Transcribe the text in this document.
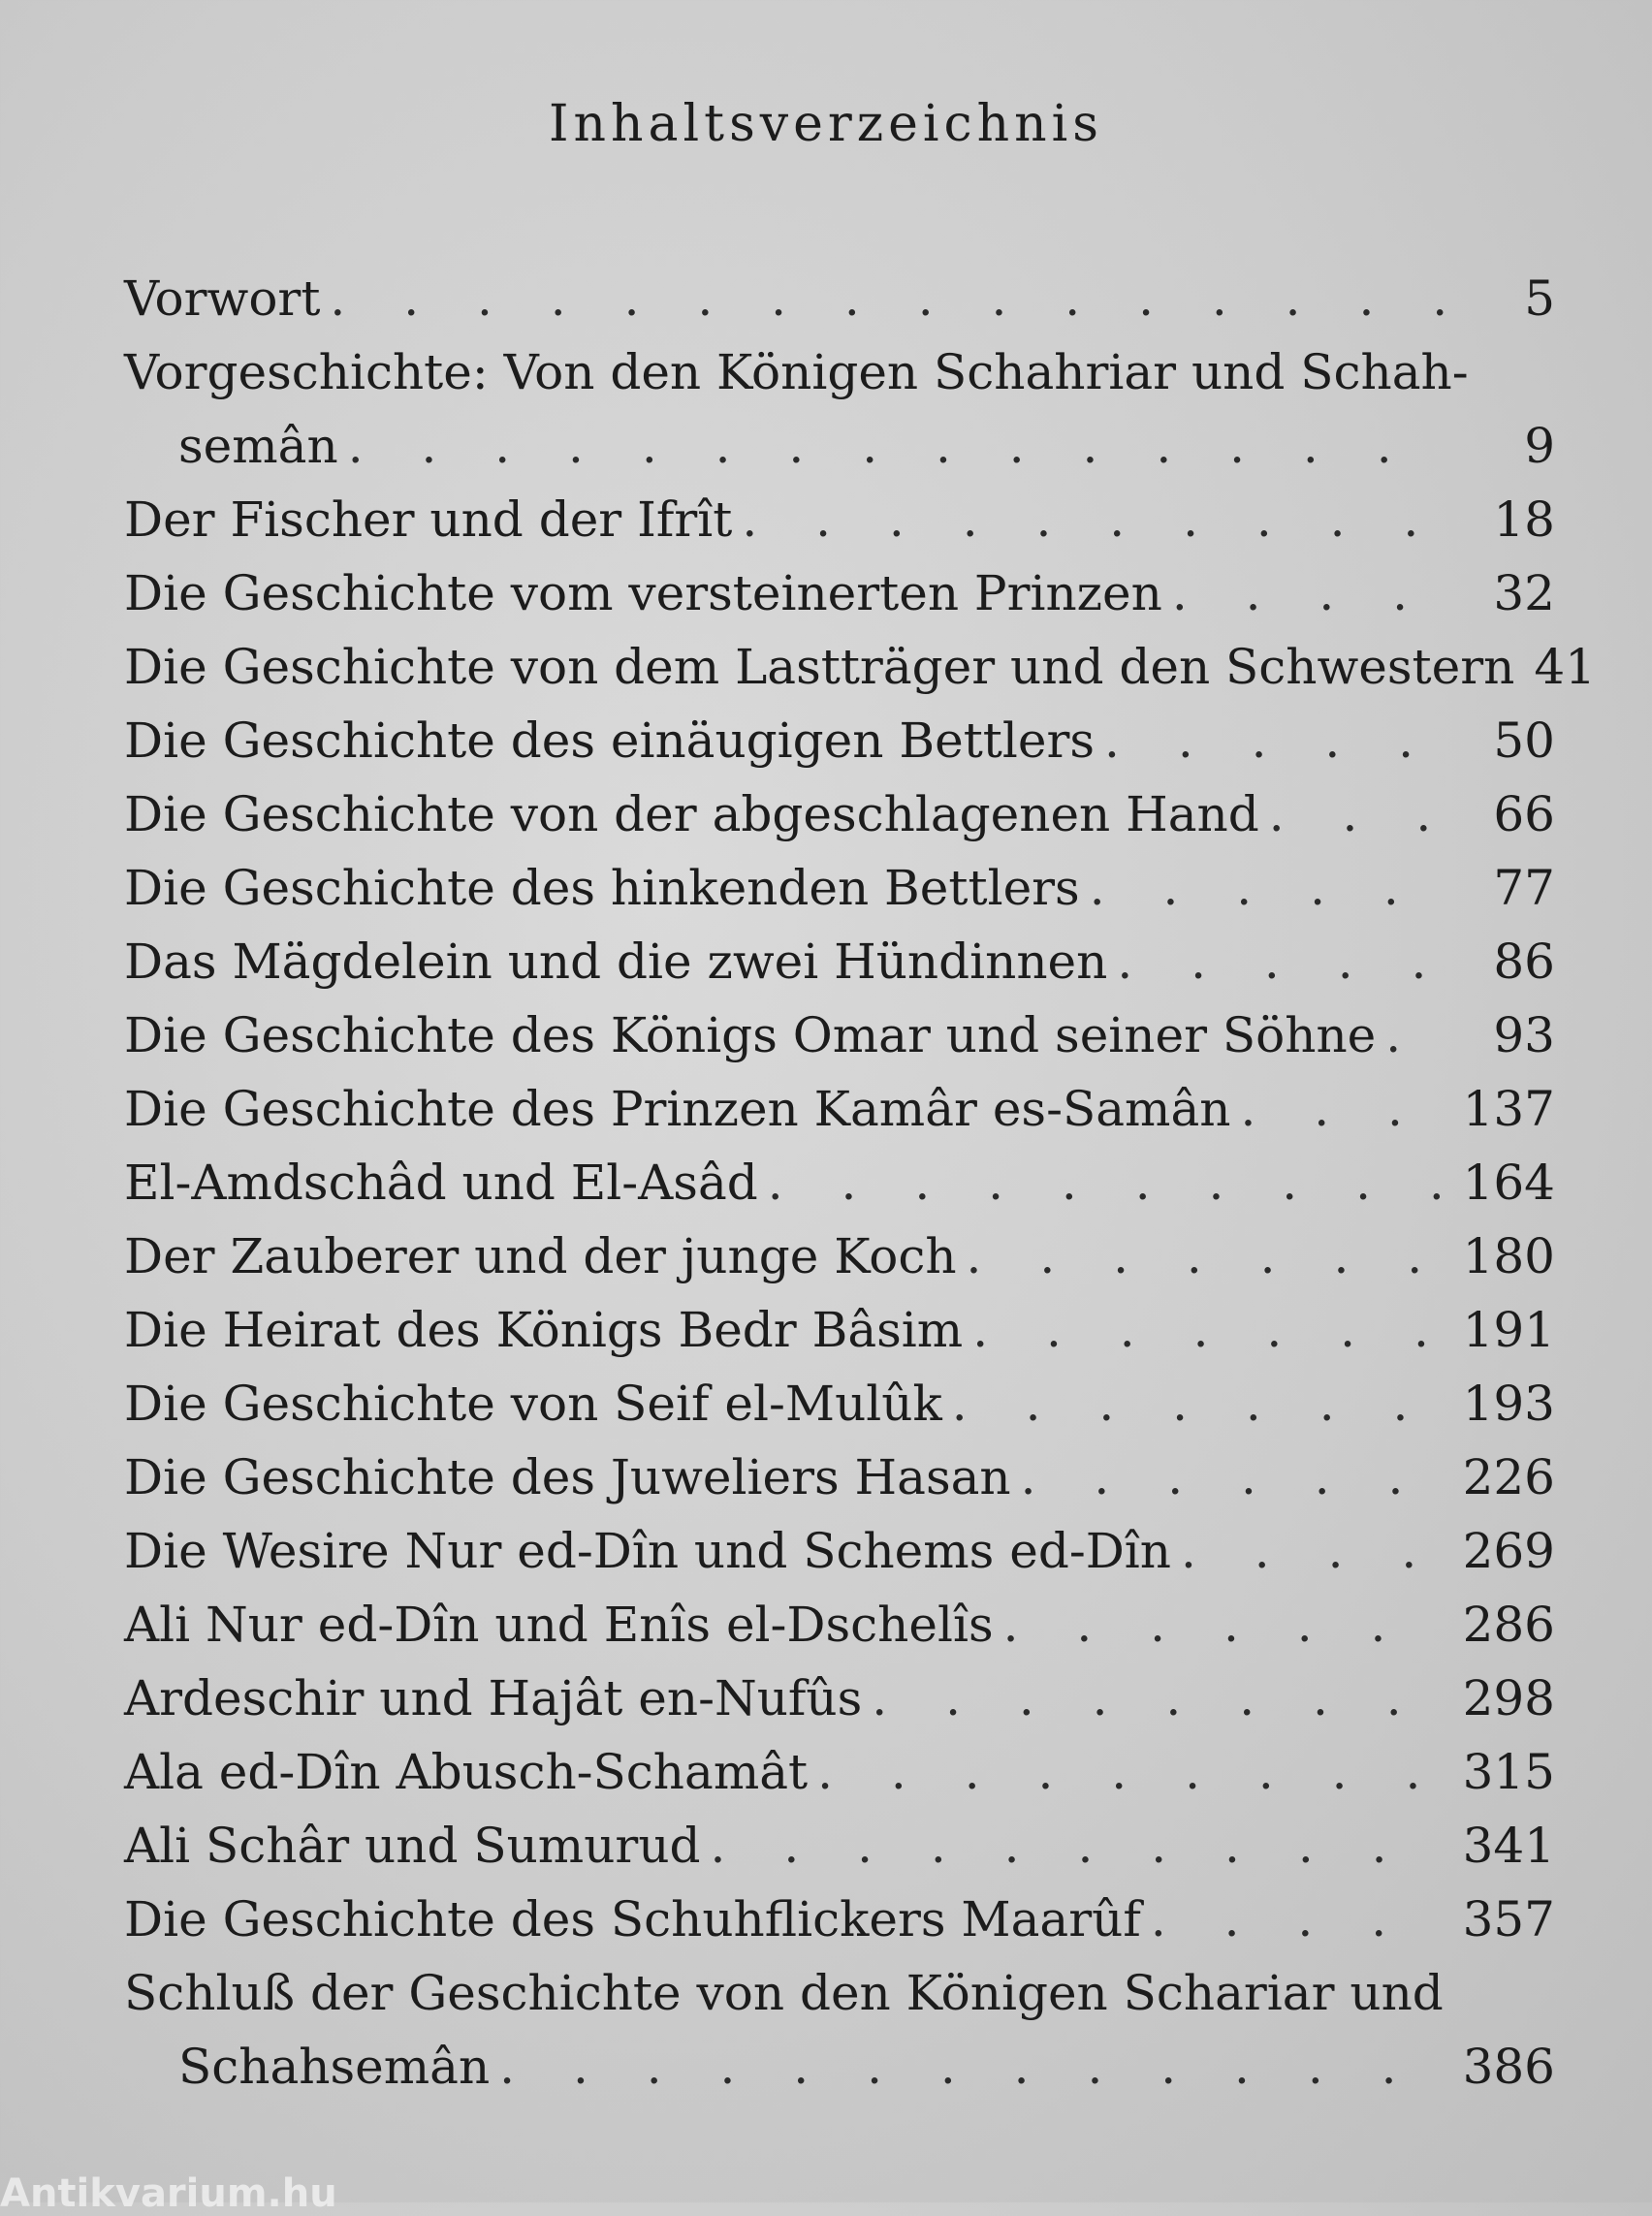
Inhaltsverzeichnis
Vorwort . . .	5
Vorgeschichte: Von den Königen Schahriar und Schah-
semân . . .	9
Der Fischer und der Ifrît . . .	18
Die Geschichte vom versteinerten Prinzen . . .	32
Die Geschichte von dem Lastträger und den Schwestern 41
Die Geschichte des einäugigen Bettlers . . .	50
Die Geschichte von der abgeschlagenen Hand . . .	66
Die Geschichte des hinkenden Bettlers . . .	77
Das Mägdelein und die zwei Hündinnen . . .	86
Die Geschichte des Königs Omar und seiner Söhne . . .	93
Die Geschichte des Prinzen Kamâr es-Samân . . .	137
El-Amdschâd und El-Asâd . . .	164
Der Zauberer und der junge Koch . . .	180
Die Heirat des Königs Bedr Bâsim . . .	191
Die Geschichte von Seif el-Mulûk . . .	193
Die Geschichte des Juweliers Hasan . . .	226
Die Wesire Nur ed-Dîn und Schems ed-Dîn . . .	269
Ali Nur ed-Dîn und Enîs el-Dschelîs . . .	286
Ardeschir und Hajât en-Nufûs . . .	298
Ala ed-Dîn Abusch-Schamât . . .	315
Ali Schâr und Sumurud . . .	341
Die Geschichte des Schuhflickers Maarûf . . .	357
Schluß der Geschichte von den Königen Schariar und
Schahsemân . . .	386
Antikvarium.hu
